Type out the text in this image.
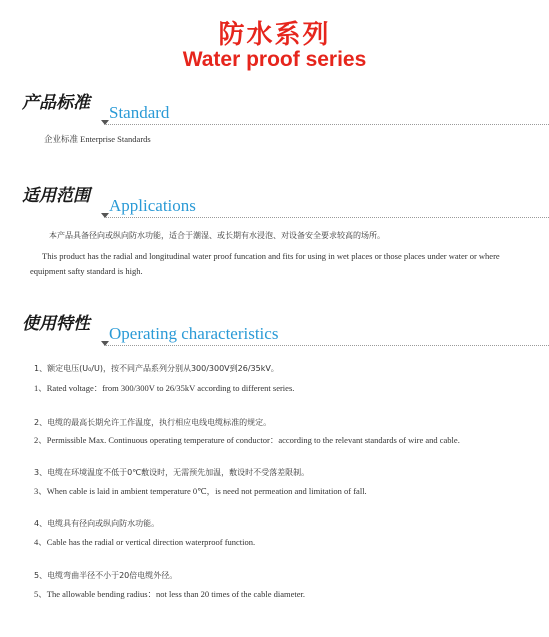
防水系列
Water proof series
产品标准 Standard
企业标准 Enterprise Standards
适用范围 Applications
本产品具备径向或纵向防水功能，适合于潮湿、或长期有水浸泡、对设备安全要求较高的场所。
This product has the radial and longitudinal water proof funcation and fits for using in wet places or those places under water or where equipment safty standard is high.
使用特性 Operating characteristics
1、额定电压(U₀/U)，按不同产品系列分别从300/300V到26/35kV。
1、Rated voltage：from 300/300V to 26/35kV according to different series.
2、电缆的最高长期允许工作温度，执行相应电线电缆标准的规定。
2、Permissible Max. Continuous operating temperature of conductor：according to the relevant standards of wire and cable.
3、电缆在环境温度不低于0℃敷设时，无需预先加温，敷设时不受落差限制。
3、When cable is laid in ambient temperature 0℃，is need not permeation and limitation of fall.
4、电缆具有径向或纵向防水功能。
4、Cable has the radial or vertical direction waterproof function.
5、电缆弯曲半径不小于20倍电缆外径。
5、The allowable bending radius：not less than 20 times of the cable diameter.
